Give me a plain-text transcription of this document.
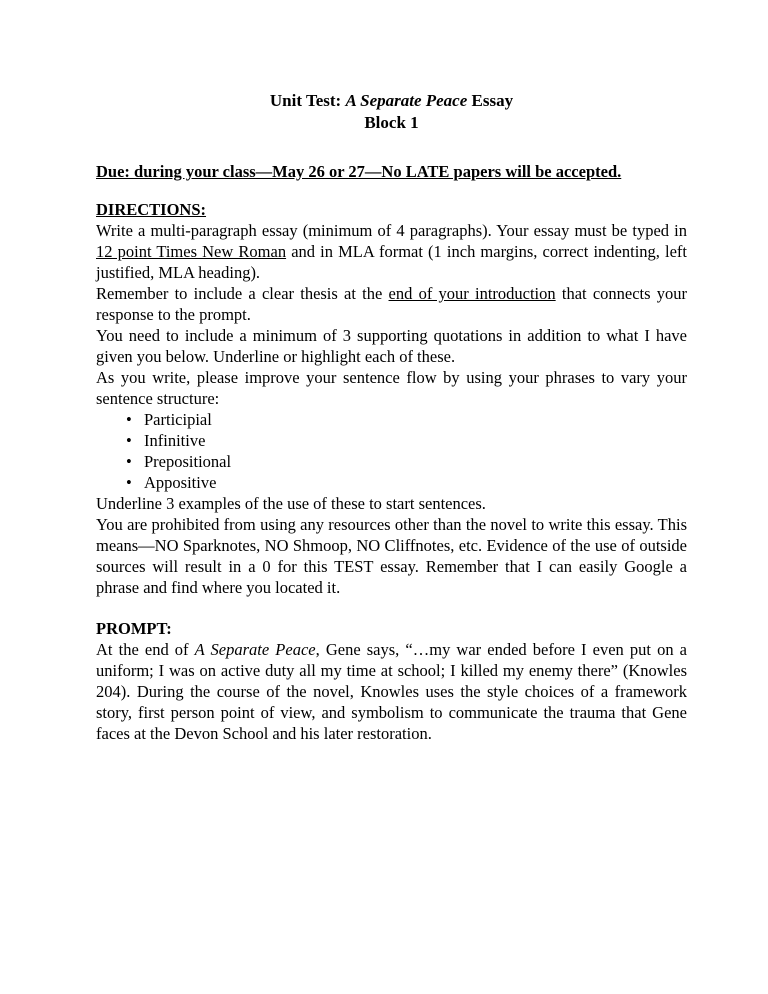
Unit Test: A Separate Peace Essay

Block 1

Due: during your class—May 26 or 27—No LATE papers will be accepted.

DIRECTIONS:

Write a multi-paragraph essay (minimum of 4 paragraphs). Your essay must be typed in 12 point Times New Roman and in MLA format (1 inch margins, correct indenting, left justified, MLA heading).

Remember to include a clear thesis at the end of your introduction that connects your response to the prompt.

You need to include a minimum of 3 supporting quotations in addition to what I have given you below. Underline or highlight each of these.

As you write, please improve your sentence flow by using your phrases to vary your sentence structure:

• Participial
• Infinitive
• Prepositional
• Appositive

Underline 3 examples of the use of these to start sentences.

You are prohibited from using any resources other than the novel to write this essay. This means—NO Sparknotes, NO Shmoop, NO Cliffnotes, etc. Evidence of the use of outside sources will result in a 0 for this TEST essay. Remember that I can easily Google a phrase and find where you located it.

PROMPT:

At the end of A Separate Peace, Gene says, “…my war ended before I even put on a uniform; I was on active duty all my time at school; I killed my enemy there” (Knowles 204). During the course of the novel, Knowles uses the style choices of a framework story, first person point of view, and symbolism to communicate the trauma that Gene faces at the Devon School and his later restoration.
